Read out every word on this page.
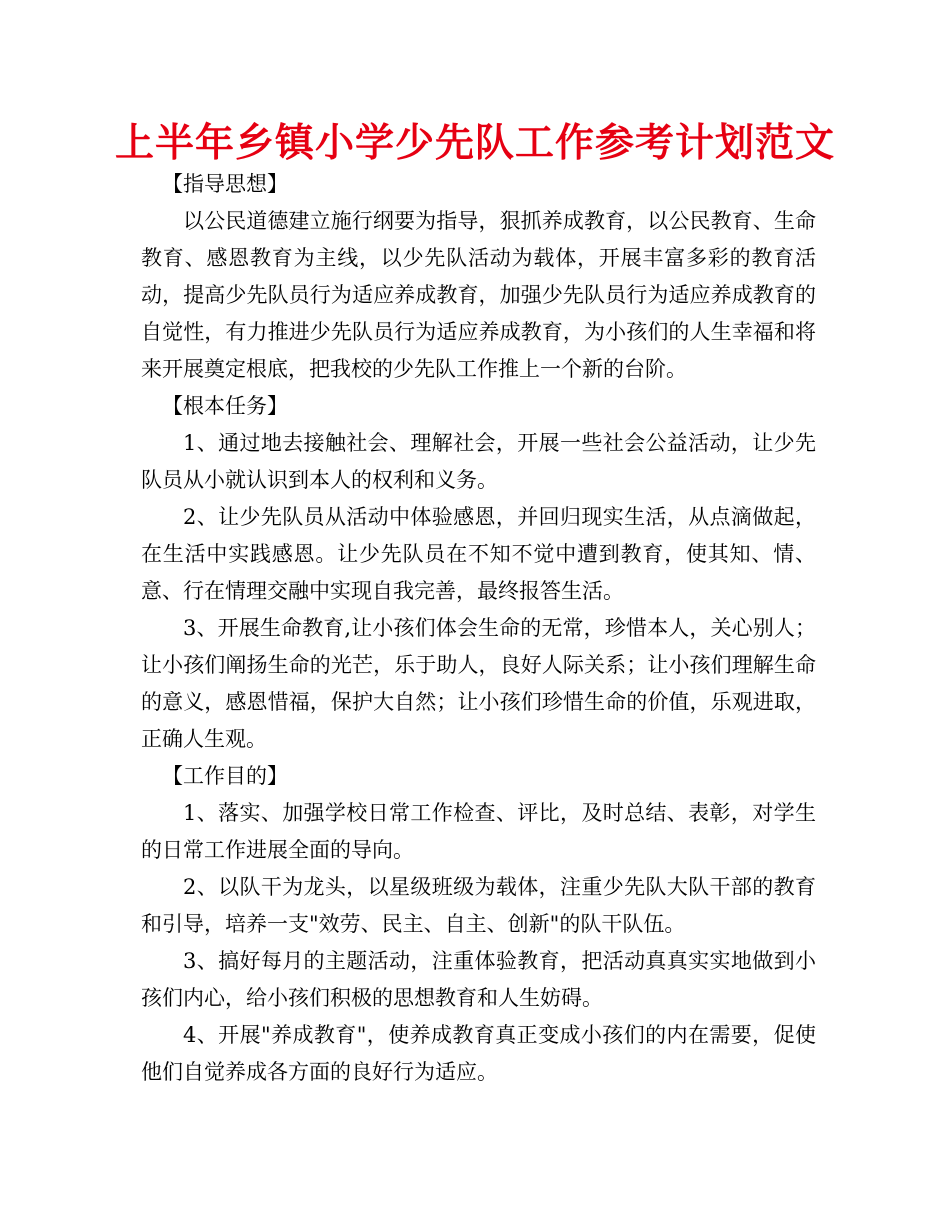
上半年乡镇小学少先队工作参考计划范文

【指导思想】

以公民道德建立施行纲要为指导，狠抓养成教育，以公民教育、生命教育、感恩教育为主线，以少先队活动为载体，开展丰富多彩的教育活动，提高少先队员行为适应养成教育，加强少先队员行为适应养成教育的自觉性，有力推进少先队员行为适应养成教育，为小孩们的人生幸福和将来开展奠定根底，把我校的少先队工作推上一个新的台阶。

【根本任务】

1、通过地去接触社会、理解社会，开展一些社会公益活动，让少先队员从小就认识到本人的权利和义务。

2、让少先队员从活动中体验感恩，并回归现实生活，从点滴做起，在生活中实践感恩。让少先队员在不知不觉中遭到教育，使其知、情、意、行在情理交融中实现自我完善，最终报答生活。

3、开展生命教育,让小孩们体会生命的无常，珍惜本人，关心别人；让小孩们阐扬生命的光芒，乐于助人，良好人际关系；让小孩们理解生命的意义，感恩惜福，保护大自然；让小孩们珍惜生命的价值，乐观进取，正确人生观。

【工作目的】

1、落实、加强学校日常工作检查、评比，及时总结、表彰，对学生的日常工作进展全面的导向。

2、以队干为龙头，以星级班级为载体，注重少先队大队干部的教育和引导，培养一支"效劳、民主、自主、创新"的队干队伍。

3、搞好每月的主题活动，注重体验教育，把活动真真实实地做到小孩们内心，给小孩们积极的思想教育和人生妨碍。

4、开展"养成教育"，使养成教育真正变成小孩们的内在需要，促使他们自觉养成各方面的良好行为适应。
